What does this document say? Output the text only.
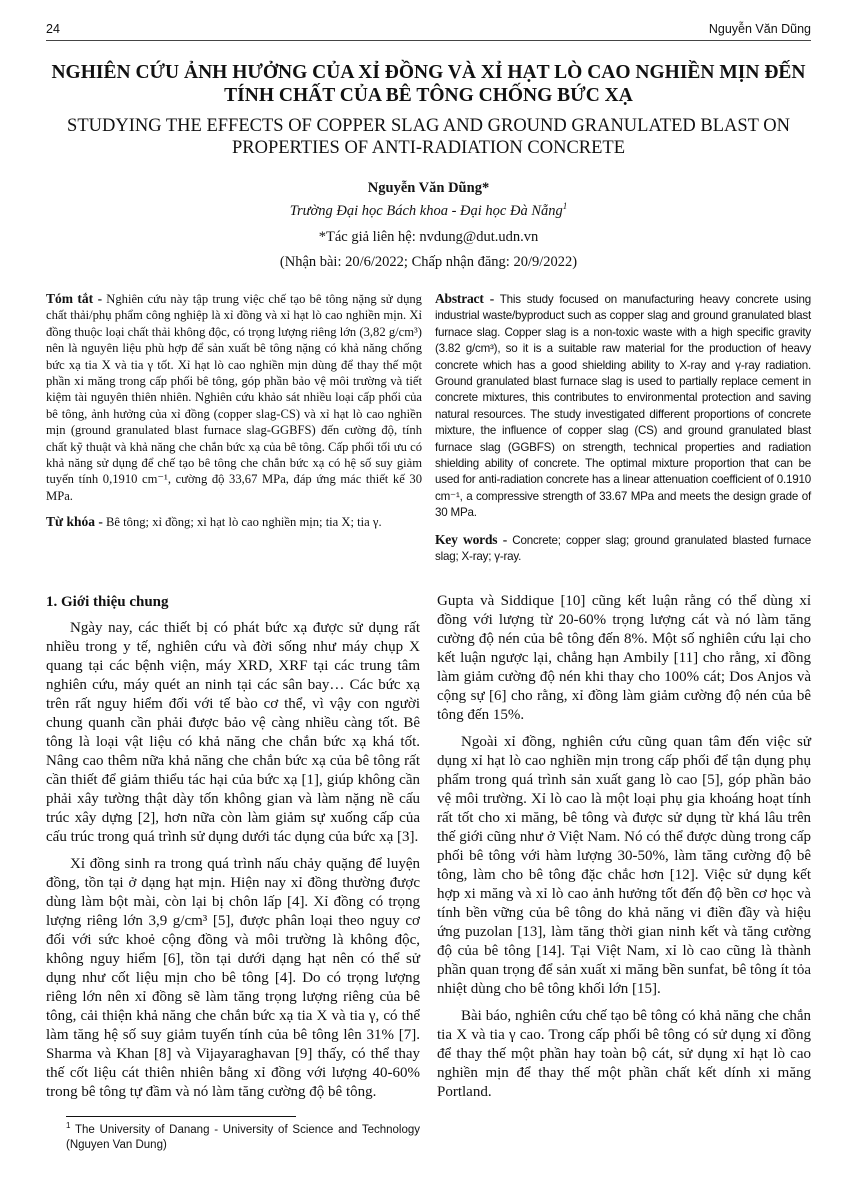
24	Nguyễn Văn Dũng
NGHIÊN CỨU ẢNH HƯỞNG CỦA XỈ ĐỒNG VÀ XỈ HẠT LÒ CAO NGHIỀN MỊN ĐẾN TÍNH CHẤT CỦA BÊ TÔNG CHỐNG BỨC XẠ
STUDYING THE EFFECTS OF COPPER SLAG AND GROUND GRANULATED BLAST ON PROPERTIES OF ANTI-RADIATION CONCRETE
Nguyễn Văn Dũng*
Trường Đại học Bách khoa - Đại học Đà Nẵng$^1$
*Tác giả liên hệ: nvdung@dut.udn.vn
(Nhận bài: 20/6/2022; Chấp nhận đăng: 20/9/2022)

Tóm tắt - Nghiên cứu này tập trung việc chế tạo bê tông nặng sử dụng chất thải/phụ phẩm công nghiệp là xỉ đồng và xỉ hạt lò cao nghiền mịn. Xỉ đồng thuộc loại chất thải không độc, có trọng lượng riêng lớn (3,82 g/cm³) nên là nguyên liệu phù hợp để sản xuất bê tông nặng có khả năng chống bức xạ tia X và tia γ tốt. Xỉ hạt lò cao nghiền mịn dùng để thay thế một phần xi măng trong cấp phối bê tông, góp phần bảo vệ môi trường và tiết kiệm tài nguyên thiên nhiên. Nghiên cứu khảo sát nhiều loại cấp phối của bê tông, ảnh hưởng của xỉ đồng (copper slag-CS) và xỉ hạt lò cao nghiền mịn (ground granulated blast furnace slag-GGBFS) đến cường độ, tính chất kỹ thuật và khả năng che chắn bức xạ của bê tông. Cấp phối tối ưu có khả năng sử dụng để chế tạo bê tông che chắn bức xạ có hệ số suy giảm tuyến tính 0,1910 cm⁻¹, cường độ 33,67 MPa, đáp ứng mác thiết kế 30 MPa.

Từ khóa - Bê tông; xỉ đồng; xỉ hạt lò cao nghiền mịn; tia X; tia γ.

Abstract - This study focused on manufacturing heavy concrete using industrial waste/byproduct such as copper slag and ground granulated blast furnace slag. Copper slag is a non-toxic waste with a high specific gravity (3.82 g/cm³), so it is a suitable raw material for the production of heavy concrete which has a good shielding ability to X-ray and γ-ray radiation. Ground granulated blast furnace slag is used to partially replace cement in concrete mixtures, this contributes to environmental protection and saving natural resources. The study investigated different proportions of concrete mixture, the influence of copper slag (CS) and ground granulated blast furnace slag (GGBFS) on strength, technical properties and radiation shielding ability of concrete. The optimal mixture proportion that can be used for anti-radiation concrete has a linear attenuation coefficient of 0.1910 cm⁻¹, a compressive strength of 33.67 MPa and meets the design grade of 30 MPa.

Key words - Concrete; copper slag; ground granulated blasted furnace slag; X-ray; γ-ray.

1. Giới thiệu chung

Ngày nay, các thiết bị có phát bức xạ được sử dụng rất nhiều trong y tế, nghiên cứu và đời sống như máy chụp X quang tại các bệnh viện, máy XRD, XRF tại các trung tâm nghiên cứu, máy quét an ninh tại các sân bay… Các bức xạ trên rất nguy hiểm đối với tế bào cơ thể, vì vậy con người chung quanh cần phải được bảo vệ càng nhiều càng tốt. Bê tông là loại vật liệu có khả năng che chắn bức xạ khá tốt. Nâng cao thêm nữa khả năng che chắn bức xạ của bê tông rất cần thiết để giảm thiểu tác hại của bức xạ [1], giúp không cần phải xây tường thật dày tốn không gian và làm nặng nề cấu trúc xây dựng [2], hơn nữa còn làm giảm sự xuống cấp của cấu trúc trong quá trình sử dụng dưới tác dụng của bức xạ [3].

Xỉ đồng sinh ra trong quá trình nấu chảy quặng để luyện đồng, tồn tại ở dạng hạt mịn. Hiện nay xỉ đồng thường được dùng làm bột mài, còn lại bị chôn lấp [4]. Xỉ đồng có trọng lượng riêng lớn 3,9 g/cm³ [5], được phân loại theo nguy cơ đối với sức khoẻ cộng đồng và môi trường là không độc, không nguy hiểm [6], tồn tại dưới dạng hạt nên có thể sử dụng như cốt liệu mịn cho bê tông [4]. Do có trọng lượng riêng lớn nên xỉ đồng sẽ làm tăng trọng lượng riêng của bê tông, cải thiện khả năng che chắn bức xạ tia X và tia γ, có thể làm tăng hệ số suy giảm tuyến tính của bê tông lên 31% [7]. Sharma và Khan [8] và Vijayaraghavan [9] thấy, có thể thay thế cốt liệu cát thiên nhiên bằng xỉ đồng với lượng 40-60% trong bê tông tự đầm và nó làm tăng cường độ bê tông.

$^1$ The University of Danang - University of Science and Technology (Nguyen Van Dung)

Gupta và Siddique [10] cũng kết luận rằng có thể dùng xỉ đồng với lượng từ 20-60% trọng lượng cát và nó làm tăng cường độ nén của bê tông đến 8%. Một số nghiên cứu lại cho kết luận ngược lại, chẳng hạn Ambily [11] cho rằng, xỉ đồng làm giảm cường độ nén khi thay cho 100% cát; Dos Anjos và cộng sự [6] cho rằng, xỉ đồng làm giảm cường độ nén của bê tông đến 15%.

Ngoài xỉ đồng, nghiên cứu cũng quan tâm đến việc sử dụng xỉ hạt lò cao nghiền mịn trong cấp phối để tận dụng phụ phẩm trong quá trình sản xuất gang lò cao [5], góp phần bảo vệ môi trường. Xỉ lò cao là một loại phụ gia khoáng hoạt tính rất tốt cho xi măng, bê tông và được sử dụng từ khá lâu trên thế giới cũng như ở Việt Nam. Nó có thể được dùng trong cấp phối bê tông với hàm lượng 30-50%, làm tăng cường độ bê tông, làm cho bê tông đặc chắc hơn [12]. Việc sử dụng kết hợp xi măng và xỉ lò cao ảnh hưởng tốt đến độ bền cơ học và tính bền vững của bê tông do khả năng vi điền đầy và hiệu ứng puzolan [13], làm tăng thời gian ninh kết và tăng cường độ của bê tông [14]. Tại Việt Nam, xỉ lò cao cũng là thành phần quan trọng để sản xuất xi măng bền sunfat, bê tông ít tỏa nhiệt dùng cho bê tông khối lớn [15].

Bài báo, nghiên cứu chế tạo bê tông có khả năng che chắn tia X và tia γ cao. Trong cấp phối bê tông có sử dụng xỉ đồng để thay thế một phần hay toàn bộ cát, sử dụng xỉ hạt lò cao nghiền mịn để thay thế một phần chất kết dính xi măng Portland.
